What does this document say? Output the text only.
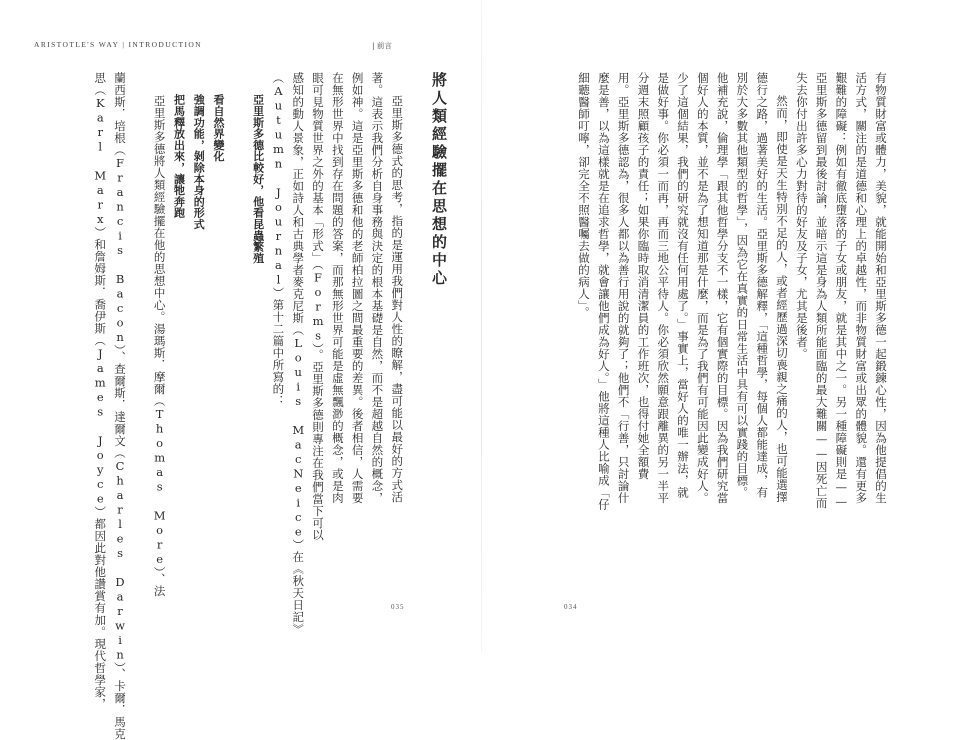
ARISTOTLE'S WAY | INTRODUCTION	| 前言

有物質財富或體力，美貌，就能開始和亞里斯多德一起鍛鍊心性，因為他提倡的生

活方式，關注的是道德和心理上的卓越性，而非物質財富或出眾的體貌。還有更多

艱難的障礙：例如有徹底墮落的子女或朋友，就是其中之一。另一種障礙則是——

亞里斯多德留到最後討論，並暗示這是身為人類所能面臨的最大難關——因死亡而

失去你付出許多心力對待的好友及子女，尤其是後者。

然而，即使是天生特別不足的人，或者經歷過深切喪親之痛的人，也可能選擇

德行之路，過著美好的生活。亞里斯多德解釋，「這種哲學，每個人都能達成，有

別於大多數其他類型的哲學」，因為它在真實的日常生活中具有可以實踐的目標。

他補充說，倫理學「跟其他哲學分支不一樣，它有個實際的目標。因為我們研究當

個好人的本質，並不是為了想知道那是什麼，而是為了我們有可能因此變成好人。

少了這個結果，我們的研究就沒有任何用處了。」事實上，當好人的唯一辦法，就

是做好事。你必須一而再，再而三地公平待人。你必須欣然願意跟離異的另一半平

分週末照顧孩子的責任；如果你臨時取消清潔員的工作班次，也得付她全額費

用。亞里斯多德認為，很多人都以為善行用說的就夠了；他們不「行善，只討論什

麼是善，以為這樣就是在追求哲學，就會讓他們成為好人。」他將這種人比喻成「仔

細聽醫師叮嚀，卻完全不照醫囑去做的病人」。

將人類經驗擺在思想的中心

亞里斯多德式的思考，指的是運用我們對人性的瞭解，盡可能以最好的方式活

著。這表示我們分析自身事務與決定的根本基礎是自然，而不是超越自然的概念，

例如神。這是亞里斯多德和他的老師柏拉圖之間最重要的差異。後者相信，人需要

在無形世界中找到存在問題的答案，而那無形世界可能是虛無飄渺的概念，或是肉

眼可見物質世界之外的基本「形式」（Forms）。亞里斯多德則專注在我們當下可以

感知的動人景象，正如詩人和古典學者麥克尼斯（Louis MacNeice）在《秋天日記》

（Autumn Journal）第十二篇中所寫的：

亞里斯多德比較好，他看昆蟲繁殖

看自然界變化

強調功能，剝除本身的形式

把馬釋放出來，讓牠奔跑

亞里斯多德將人類經驗擺在他的思想中心。湯瑪斯．摩爾（Thomas More）、法

蘭西斯．培根（Francis Bacon）、查爾斯．達爾文（Charles Darwin）、卡爾．馬克

思（Karl Marx）和詹姆斯．喬伊斯（James Joyce）都因此對他讚賞有加。現代哲學家，	035	034
